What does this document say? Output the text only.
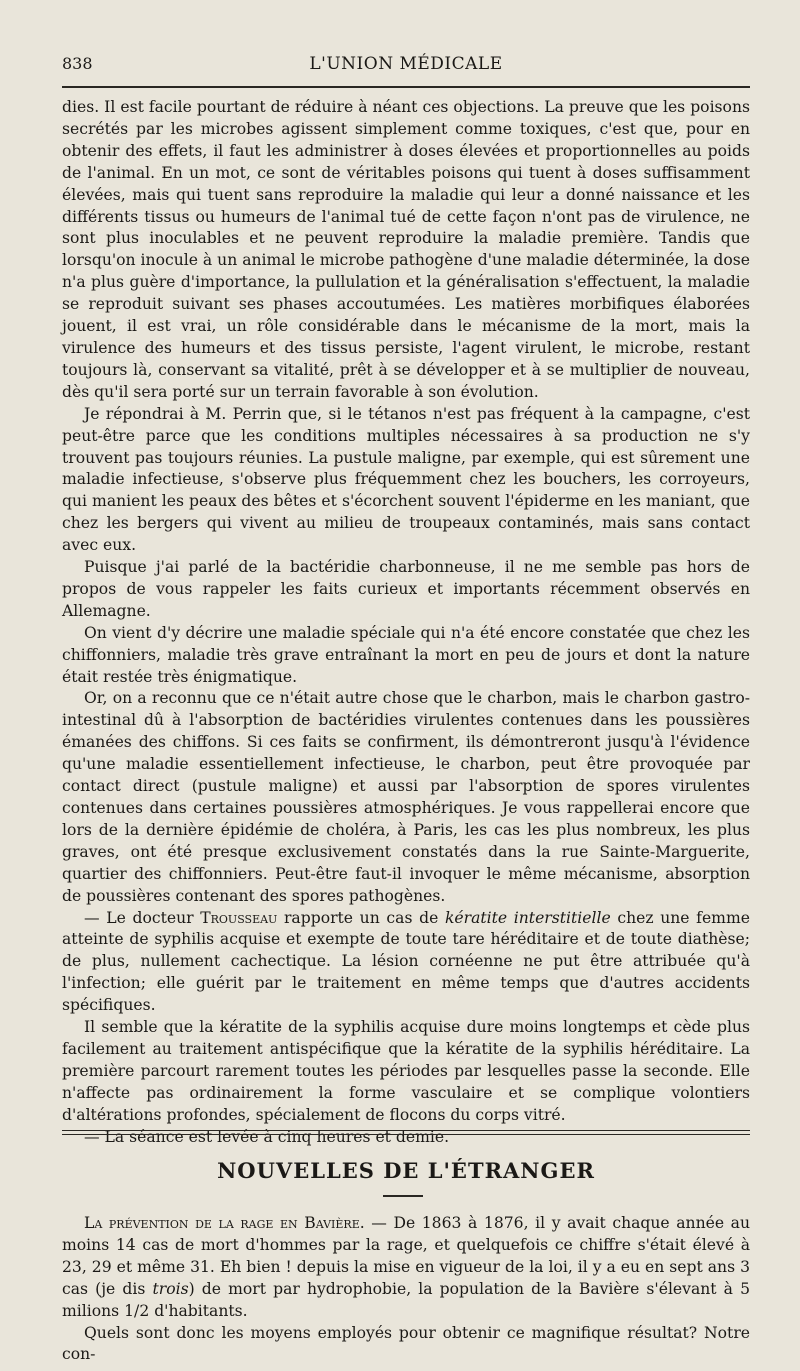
838	L'UNION MÉDICALE

dies. Il est facile pourtant de réduire à néant ces objections. La preuve que les poisons secrétés par les microbes agissent simplement comme toxiques, c'est que, pour en obtenir des effets, il faut les administrer à doses élevées et proportionnelles au poids de l'animal. En un mot, ce sont de véritables poisons qui tuent à doses suffisamment élevées, mais qui tuent sans reproduire la maladie qui leur a donné naissance et les différents tissus ou humeurs de l'animal tué de cette façon n'ont pas de virulence, ne sont plus inoculables et ne peuvent reproduire la maladie première. Tandis que lorsqu'on inocule à un animal le microbe pathogène d'une maladie déterminée, la dose n'a plus guère d'importance, la pullulation et la généralisation s'effectuent, la maladie se reproduit suivant ses phases accoutumées. Les matières morbifiques élaborées jouent, il est vrai, un rôle considérable dans le mécanisme de la mort, mais la virulence des humeurs et des tissus persiste, l'agent virulent, le microbe, restant toujours là, conservant sa vitalité, prêt à se développer et à se multiplier de nouveau, dès qu'il sera porté sur un terrain favorable à son évolution.

Je répondrai à M. Perrin que, si le tétanos n'est pas fréquent à la campagne, c'est peut-être parce que les conditions multiples nécessaires à sa production ne s'y trouvent pas toujours réunies. La pustule maligne, par exemple, qui est sûrement une maladie infectieuse, s'observe plus fréquemment chez les bouchers, les corroyeurs, qui manient les peaux des bêtes et s'écorchent souvent l'épiderme en les maniant, que chez les bergers qui vivent au milieu de troupeaux contaminés, mais sans contact avec eux.

Puisque j'ai parlé de la bactéridie charbonneuse, il ne me semble pas hors de propos de vous rappeler les faits curieux et importants récemment observés en Allemagne.

On vient d'y décrire une maladie spéciale qui n'a été encore constatée que chez les chiffonniers, maladie très grave entraînant la mort en peu de jours et dont la nature était restée très énigmatique.

Or, on a reconnu que ce n'était autre chose que le charbon, mais le charbon gastro-intestinal dû à l'absorption de bactéridies virulentes contenues dans les poussières émanées des chiffons. Si ces faits se confirment, ils démontreront jusqu'à l'évidence qu'une maladie essentiellement infectieuse, le charbon, peut être provoquée par contact direct (pustule maligne) et aussi par l'absorption de spores virulentes contenues dans certaines poussières atmosphériques. Je vous rappellerai encore que lors de la dernière épidémie de choléra, à Paris, les cas les plus nombreux, les plus graves, ont été presque exclusivement constatés dans la rue Sainte-Marguerite, quartier des chiffonniers. Peut-être faut-il invoquer le même mécanisme, absorption de poussières contenant des spores pathogènes.

— Le docteur Trousseau rapporte un cas de kératite interstitielle chez une femme atteinte de syphilis acquise et exempte de toute tare héréditaire et de toute diathèse; de plus, nullement cachectique. La lésion cornéenne ne put être attribuée qu'à l'infection; elle guérit par le traitement en même temps que d'autres accidents spécifiques.

Il semble que la kératite de la syphilis acquise dure moins longtemps et cède plus facilement au traitement antispécifique que la kératite de la syphilis héréditaire. La première parcourt rarement toutes les périodes par lesquelles passe la seconde. Elle n'affecte pas ordinairement la forme vasculaire et se complique volontiers d'altérations profondes, spécialement de flocons du corps vitré.

— La séance est levée à cinq heures et demie.

NOUVELLES DE L'ÉTRANGER

La prévention de la rage en Bavière. — De 1863 à 1876, il y avait chaque année au moins 14 cas de mort d'hommes par la rage, et quelquefois ce chiffre s'était élevé à 23, 29 et même 31. Eh bien ! depuis la mise en vigueur de la loi, il y a eu en sept ans 3 cas (je dis trois) de mort par hydrophobie, la population de la Bavière s'élevant à 5 milions 1/2 d'habitants.

Quels sont donc les moyens employés pour obtenir ce magnifique résultat? Notre con-
